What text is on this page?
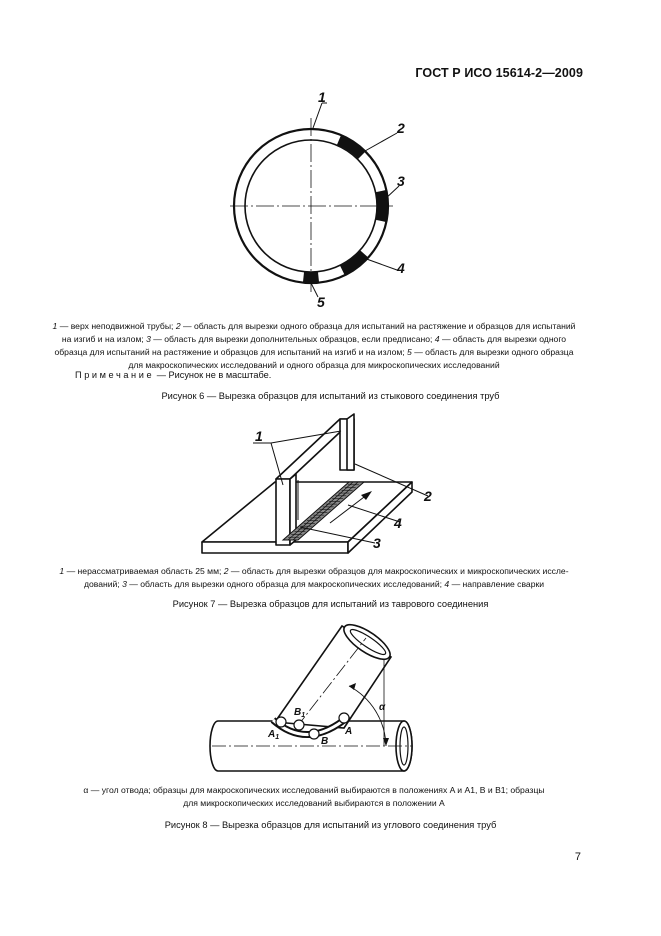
ГОСТ Р ИСО 15614-2—2009
1
2
3
4
5
1 — верх неподвижной трубы; 2 — область для вырезки одного образца для испытаний на растяжение и образцов для испытаний
на изгиб и на излом; 3 — область для вырезки дополнительных образцов, если предписано; 4 — область для вырезки одного
образца для испытаний на растяжение и образцов для испытаний на изгиб и на излом; 5 — область для вырезки одного образца
для макроскопических исследований и одного образца для микроскопических исследований
Примечание — Рисунок не в масштабе.
Рисунок 6 — Вырезка образцов для испытаний из стыкового соединения труб
1
2
3
4
1 — нерассматриваемая область 25 мм; 2 — область для вырезки образцов для макроскопических и микроскопических иссле-
дований; 3 — область для вырезки одного образца для макроскопических исследований; 4 — направление сварки
Рисунок 7 — Вырезка образцов для испытаний из таврового соединения
$B_1$
$A_1$	B
A
α
α — угол отвода; образцы для макроскопических исследований выбираются в положениях A и A1, B и B1; образцы
для микроскопических исследований выбираются в положении A
Рисунок 8 — Вырезка образцов для испытаний из углового соединения труб
7
